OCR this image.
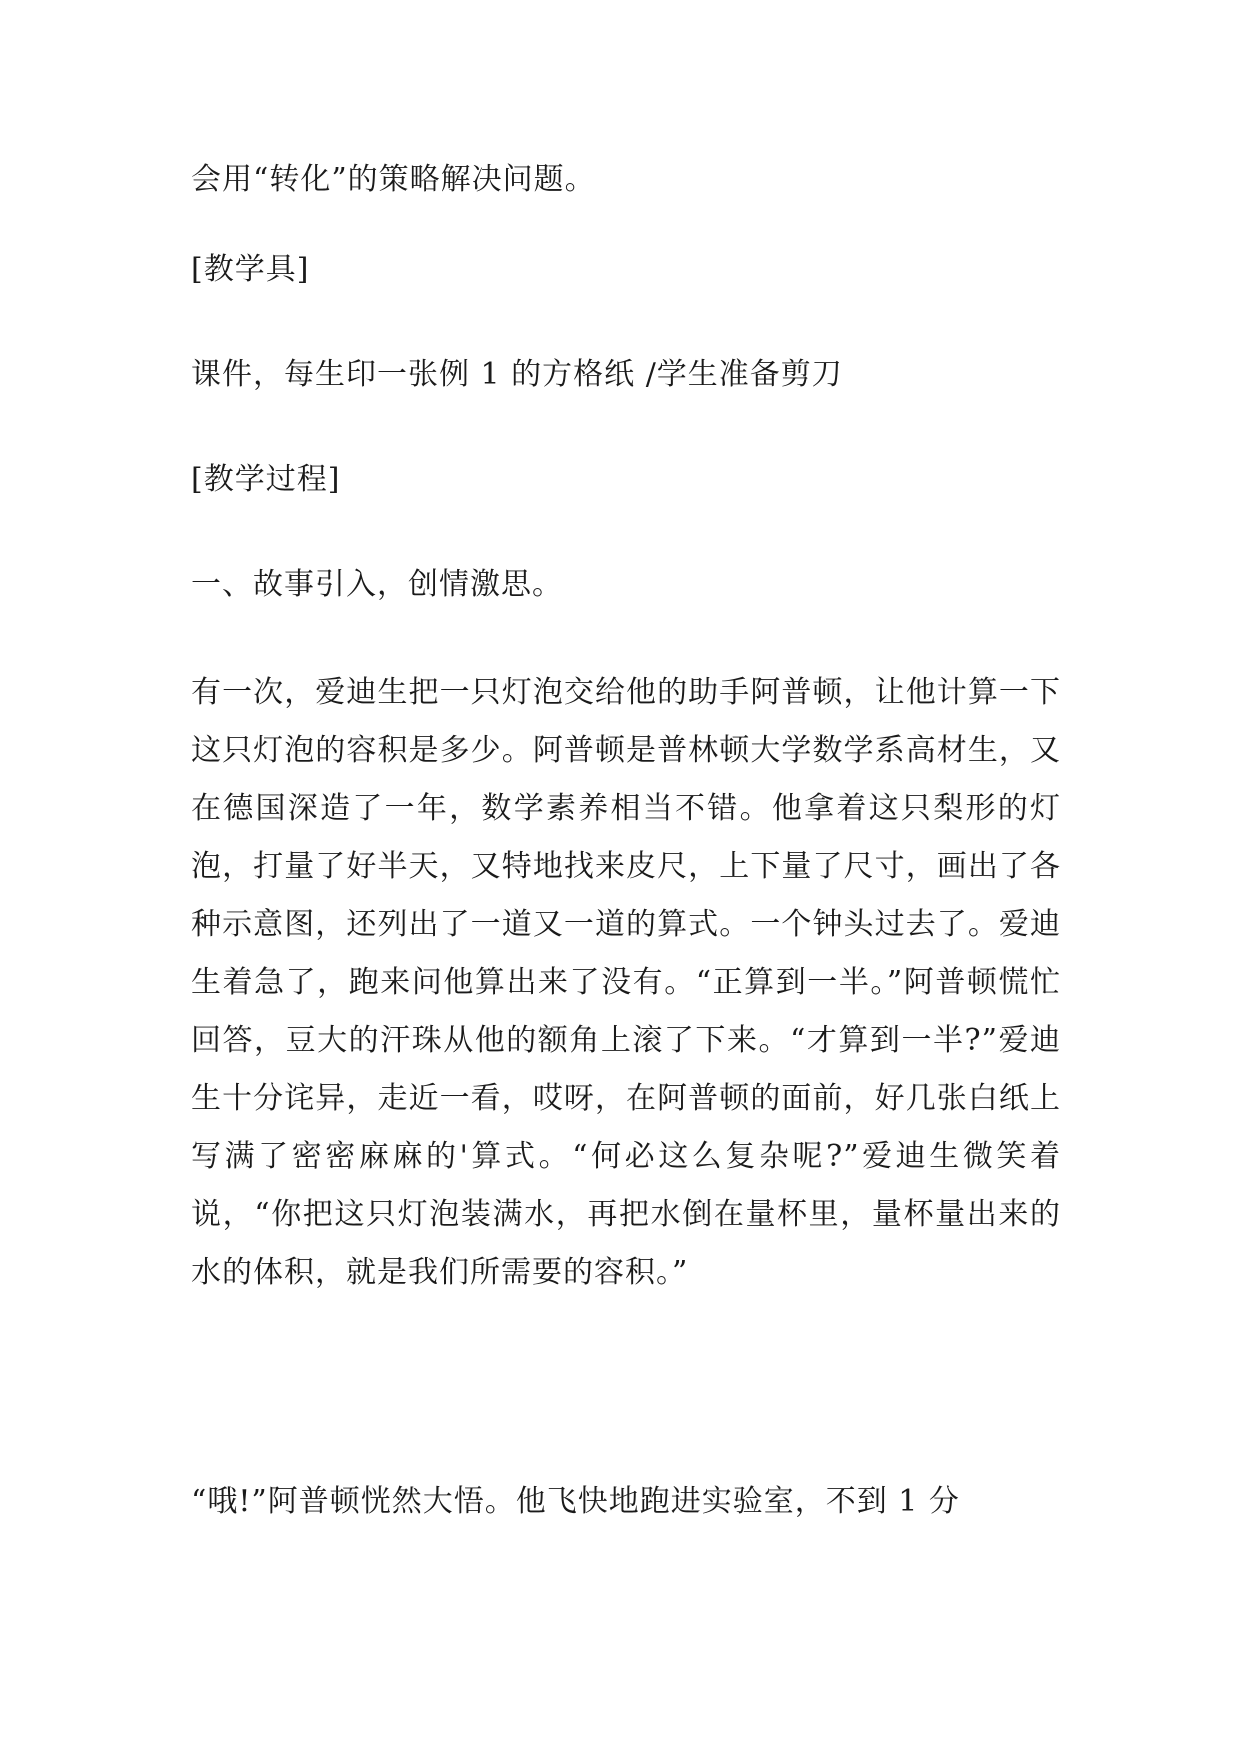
会用“转化”的策略解决问题。

[教学具]

课件，每生印一张例 1 的方格纸 /学生准备剪刀

[教学过程]

一、故事引入，创情激思。

有一次，爱迪生把一只灯泡交给他的助手阿普顿，让他计算一下这只灯泡的容积是多少。阿普顿是普林顿大学数学系高材生，又在德国深造了一年，数学素养相当不错。他拿着这只梨形的灯泡，打量了好半天，又特地找来皮尺，上下量了尺寸，画出了各种示意图，还列出了一道又一道的算式。一个钟头过去了。爱迪生着急了，跑来问他算出来了没有。“正算到一半。”阿普顿慌忙回答，豆大的汗珠从他的额角上滚了下来。“才算到一半?”爱迪生十分诧异，走近一看，哎呀，在阿普顿的面前，好几张白纸上写满了密密麻麻的'算式。“何必这么复杂呢?”爱迪生微笑着说，“你把这只灯泡装满水，再把水倒在量杯里，量杯量出来的水的体积，就是我们所需要的容积。”

“哦!”阿普顿恍然大悟。他飞快地跑进实验室，不到 1 分
